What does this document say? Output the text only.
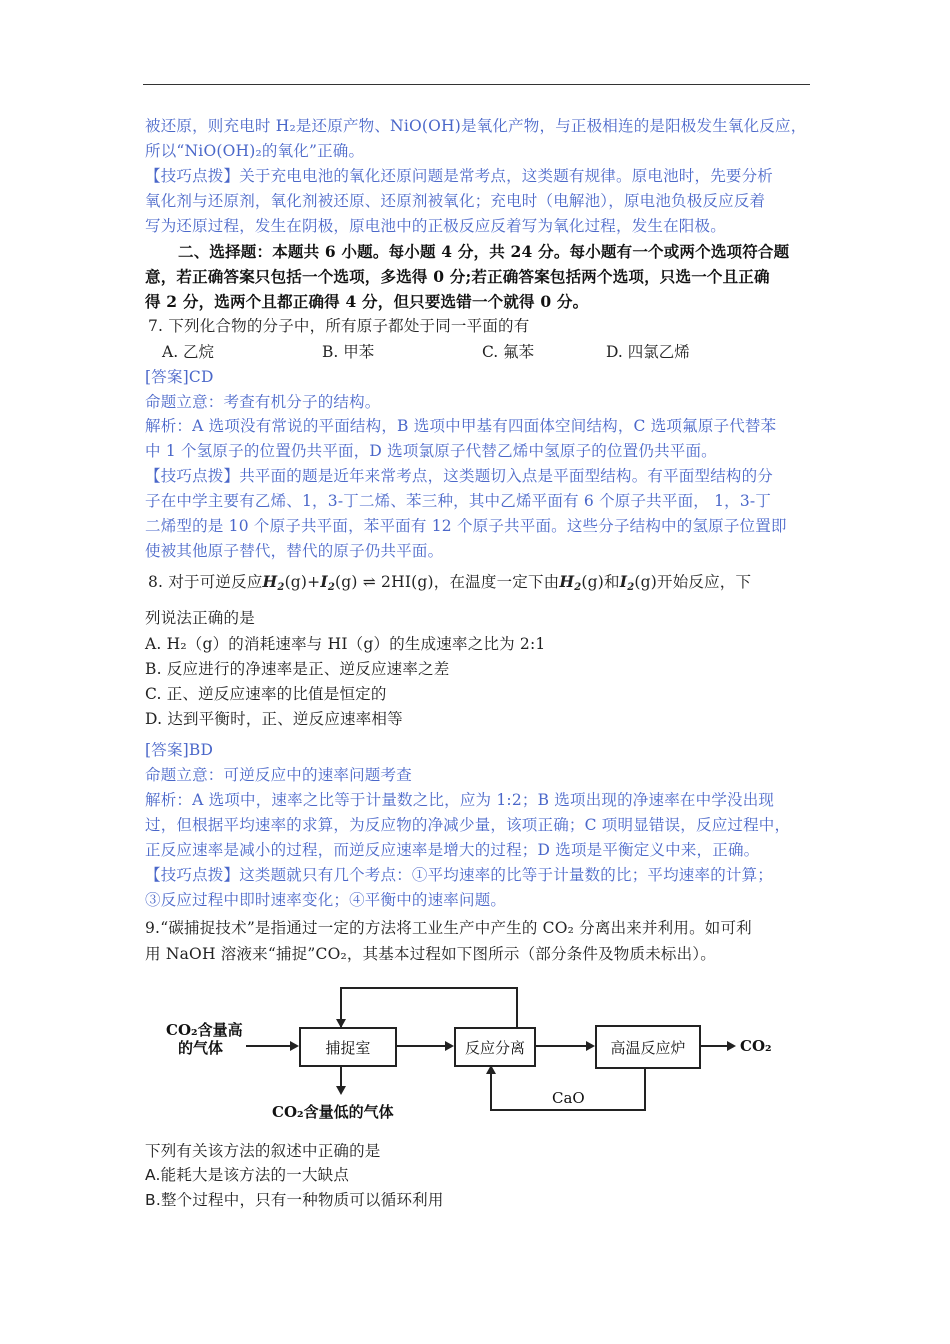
被还原，则充电时 H₂是还原产物、NiO(OH)是氧化产物，与正极相连的是阳极发生氧化反应，
所以“NiO(OH)₂的氧化”正确。
【技巧点拨】关于充电电池的氧化还原问题是常考点，这类题有规律。原电池时，先要分析
氧化剂与还原剂，氧化剂被还原、还原剂被氧化；充电时（电解池），原电池负极反应反着
写为还原过程，发生在阴极，原电池中的正极反应反着写为氧化过程，发生在阳极。
二、选择题：本题共 6 小题。每小题 4 分，共 24 分。每小题有一个或两个选项符合题
意，若正确答案只包括一个选项，多选得 0 分;若正确答案包括两个选项，只选一个且正确
得 2 分，选两个且都正确得 4 分，但只要选错一个就得 0 分。
7. 下列化合物的分子中，所有原子都处于同一平面的有
A. 乙烷	B. 甲苯	C. 氟苯	D. 四氯乙烯
[答案]CD
命题立意：考查有机分子的结构。
解析：A 选项没有常说的平面结构，B 选项中甲基有四面体空间结构，C 选项氟原子代替苯
中 1 个氢原子的位置仍共平面，D 选项氯原子代替乙烯中氢原子的位置仍共平面。
【技巧点拨】共平面的题是近年来常考点，这类题切入点是平面型结构。有平面型结构的分
子在中学主要有乙烯、1，3-丁二烯、苯三种，其中乙烯平面有 6 个原子共平面， 1，3-丁
二烯型的是 10 个原子共平面，苯平面有 12 个原子共平面。这些分子结构中的氢原子位置即
使被其他原子替代，替代的原子仍共平面。
8. 对于可逆反应$H_2(g)+I_2(g)$ ⇌ 2HI(g)，在温度一定下由$H_2(g)$和$I_2(g)$开始反应，下
列说法正确的是
A. H₂（g）的消耗速率与 HI（g）的生成速率之比为 2:1
B. 反应进行的净速率是正、逆反应速率之差
C. 正、逆反应速率的比值是恒定的
D. 达到平衡时，正、逆反应速率相等
[答案]BD
命题立意：可逆反应中的速率问题考查
解析：A 选项中，速率之比等于计量数之比，应为 1:2；B 选项出现的净速率在中学没出现
过，但根据平均速率的求算，为反应物的净减少量，该项正确；C 项明显错误，反应过程中，
正反应速率是减小的过程，而逆反应速率是增大的过程；D 选项是平衡定义中来，正确。
【技巧点拨】这类题就只有几个考点：①平均速率的比等于计量数的比；平均速率的计算；
③反应过程中即时速率变化；④平衡中的速率问题。
9.“碳捕捉技术”是指通过一定的方法将工业生产中产生的 CO₂ 分离出来并利用。如可利
用 NaOH 溶液来“捕捉”CO₂，其基本过程如下图所示（部分条件及物质未标出）。
CO₂含量高
的气体	捕捉室
CO₂含量低的气体
反应分离	高温反应炉	CO₂
CaO
下列有关该方法的叙述中正确的是
A.能耗大是该方法的一大缺点
B.整个过程中，只有一种物质可以循环利用
